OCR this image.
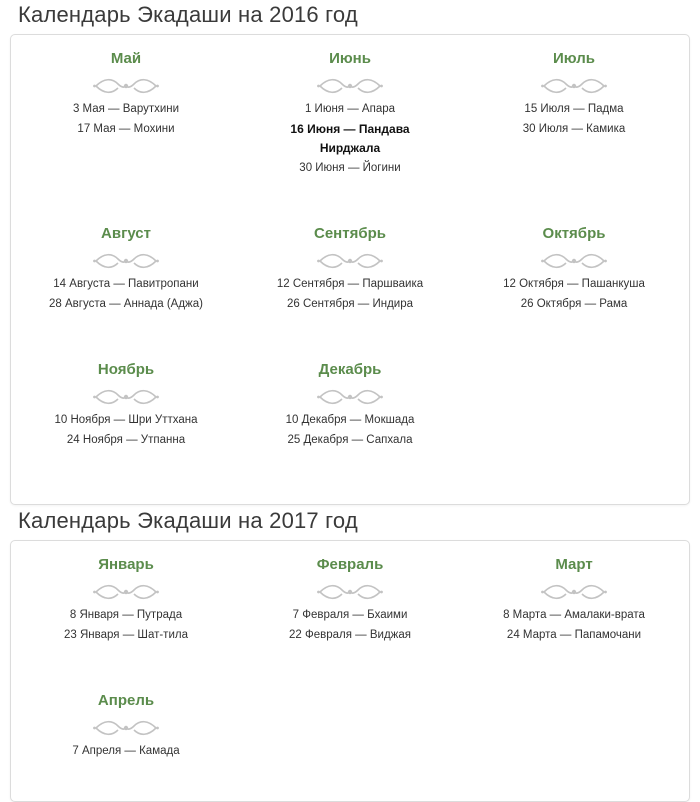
Календарь Экадаши на 2016 год
Май
3 Мая — Варутхини
17 Мая — Мохини
Июнь
1 Июня — Апара
16 Июня — Пандава
Нирджала
30 Июня — Йогини
Июль
15 Июля — Падма
30 Июля — Камика
Август
14 Августа — Павитропани
28 Августа — Аннада (Аджа)
Сентябрь
12 Сентября — Паршваика
26 Сентября — Индира
Октябрь
12 Октября — Пашанкуша
26 Октября — Рама
Ноябрь
10 Ноября — Шри Уттхана
24 Ноября — Утпанна
Декабрь
10 Декабря — Мокшада
25 Декабря — Сапхала
Календарь Экадаши на 2017 год
Январь
8 Января — Путрада
23 Января — Шат-тила
Февраль
7 Февраля — Бхаими
22 Февраля — Виджая
Март
8 Марта — Амалаки-врата
24 Марта — Папамочани
Апрель
7 Апреля — Камада
